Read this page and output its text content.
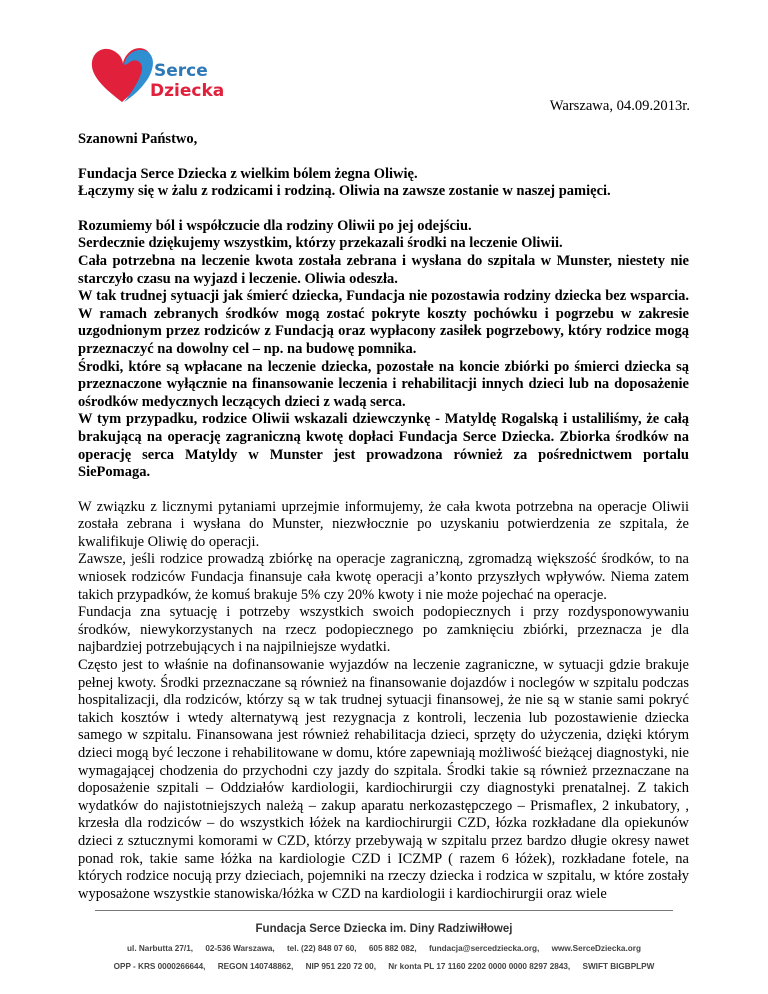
Serce
Dziecka
Warszawa, 04.09.2013r.

Szanowni Państwo,

Fundacja Serce Dziecka z wielkim bólem żegna Oliwię.

Łączymy się w żalu z rodzicami i rodziną. Oliwia na zawsze zostanie w naszej pamięci.

Rozumiemy ból i współczucie dla rodziny Oliwii po jej odejściu.

Serdecznie dziękujemy wszystkim, którzy przekazali środki na leczenie Oliwii.

Cała potrzebna na leczenie kwota została zebrana i wysłana do szpitala w Munster, niestety nie starczyło czasu na wyjazd i leczenie. Oliwia odeszła.

W tak trudnej sytuacji jak śmierć dziecka, Fundacja nie pozostawia rodziny dziecka bez wsparcia. W ramach zebranych środków mogą zostać pokryte koszty pochówku i pogrzebu w zakresie uzgodnionym przez rodziców z Fundacją oraz wypłacony zasiłek pogrzebowy, który rodzice mogą przeznaczyć na dowolny cel – np. na budowę pomnika.

Środki, które są wpłacane na leczenie dziecka, pozostałe na koncie zbiórki po śmierci dziecka są przeznaczone wyłącznie na finansowanie leczenia i rehabilitacji innych dzieci lub na doposażenie ośrodków medycznych leczących dzieci z wadą serca.

W tym przypadku, rodzice Oliwii wskazali dziewczynkę - Matyldę Rogalską i ustaliliśmy, że całą brakującą na operację zagraniczną kwotę dopłaci Fundacja Serce Dziecka. Zbiorka środków na operację serca Matyldy w Munster jest prowadzona również za pośrednictwem portalu SiePomaga.

W związku z licznymi pytaniami uprzejmie informujemy, że cała kwota potrzebna na operacje Oliwii została zebrana i wysłana do Munster, niezwłocznie po uzyskaniu potwierdzenia ze szpitala, że kwalifikuje Oliwię do operacji.

Zawsze, jeśli rodzice prowadzą zbiórkę na operacje zagraniczną, zgromadzą większość środków, to na wniosek rodziców Fundacja finansuje cała kwotę operacji a’konto przyszłych wpływów. Niema zatem takich przypadków, że komuś brakuje 5% czy 20% kwoty i nie może pojechać na operacje.

Fundacja zna sytuację i potrzeby wszystkich swoich podopiecznych i przy rozdysponowywaniu środków, niewykorzystanych na rzecz podopiecznego po zamknięciu zbiórki, przeznacza je dla najbardziej potrzebujących i na najpilniejsze wydatki.

Często jest to właśnie na dofinansowanie wyjazdów na leczenie zagraniczne, w sytuacji gdzie brakuje pełnej kwoty. Środki przeznaczane są również na finansowanie dojazdów i noclegów w szpitalu podczas hospitalizacji, dla rodziców, którzy są w tak trudnej sytuacji finansowej, że nie są w stanie sami pokryć takich kosztów i wtedy alternatywą jest rezygnacja z kontroli, leczenia lub pozostawienie dziecka samego w szpitalu. Finansowana jest również rehabilitacja dzieci, sprzęty do użyczenia, dzięki którym dzieci mogą być leczone i rehabilitowane w domu, które zapewniają możliwość bieżącej diagnostyki, nie wymagającej chodzenia do przychodni czy jazdy do szpitala. Środki takie są również przeznaczane na doposażenie szpitali – Oddziałów kardiologii, kardiochirurgii czy diagnostyki prenatalnej. Z takich wydatków do najistotniejszych należą – zakup aparatu nerkozastępczego – Prismaflex, 2 inkubatory, , krzesła dla rodziców – do wszystkich łóżek na kardiochirurgii CZD, łózka rozkładane dla opiekunów dzieci z sztucznymi komorami w CZD, którzy przebywają w szpitalu przez bardzo długie okresy nawet ponad rok, takie same łóżka na kardiologie CZD i ICZMP ( razem 6 łóżek), rozkładane fotele, na których rodzice nocują przy dzieciach, pojemniki na rzeczy dziecka i rodzica w szpitalu, w które zostały wyposażone wszystkie stanowiska/łóżka w CZD na kardiologii i kardiochirurgii oraz wiele

Fundacja Serce Dziecka im. Diny Radziwiłłowej
ul. Narbutta 27/1, 02-536 Warszawa, tel. (22) 848 07 60, 605 882 082, fundacja@sercedziecka.org, www.SerceDziecka.org
OPP - KRS 0000266644, REGON 140748862, NIP 951 220 72 00, Nr konta PL 17 1160 2202 0000 0000 8297 2843, SWIFT BIGBPLPW
